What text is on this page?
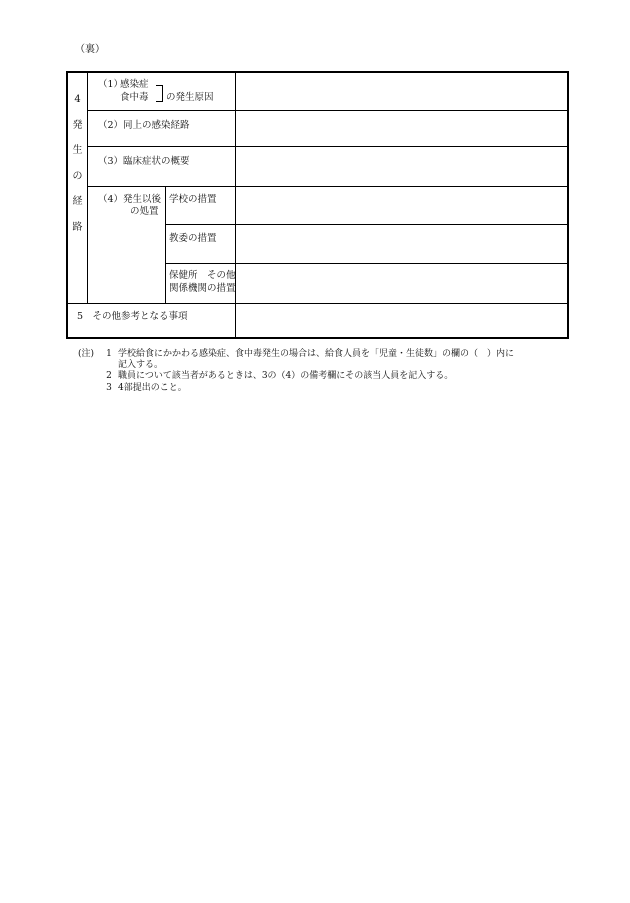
（裏）
4
発
生
の
経
路
（1）
感染症
食中毒 の発生原因
（2）同上の感染経路
（3）臨床症状の概要
（4）発生以後
の処置
学校の措置
教委の措置
保健所　その他
関係機関の措置
5　その他参考となる事項
(注)	1 学校給食にかかわる感染症、食中毒発生の場合は、給食人員を「児童・生徒数」の欄の（　）内に
記入する。
2 職員について該当者があるときは、3の（4）の備考欄にその該当人員を記入する。
3 4部提出のこと。
